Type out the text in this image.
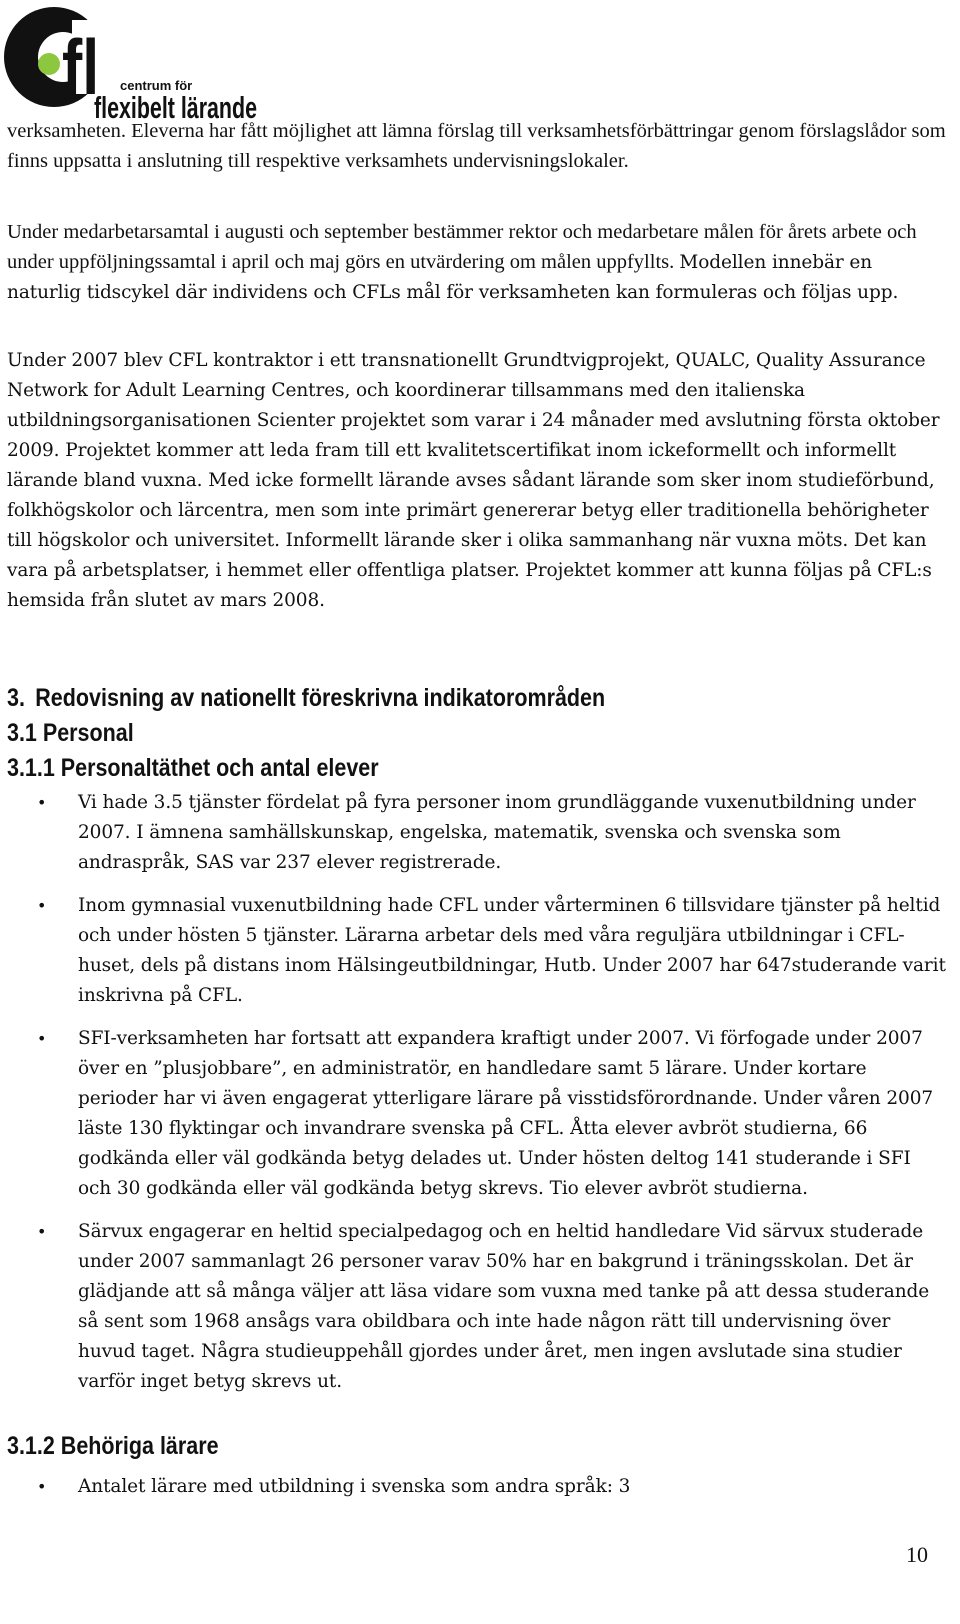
fl centrum för
flexibelt lärande

verksamheten. Eleverna har fått möjlighet att lämna förslag till verksamhetsförbättringar genom förslagslådor som finns uppsatta i anslutning till respektive verksamhets undervisningslokaler.

Under medarbetarsamtal i augusti och september bestämmer rektor och medarbetare målen för årets arbete och under uppföljningssamtal i april och maj görs en utvärdering om målen uppfyllts. Modellen innebär en naturlig tidscykel där individens och CFLs mål för verksamheten kan formuleras och följas upp.

Under 2007 blev CFL kontraktor i ett transnationellt Grundtvigprojekt, QUALC, Quality Assurance Network for Adult Learning Centres, och koordinerar tillsammans med den italienska utbildningsorganisationen Scienter projektet som varar i 24 månader med avslutning första oktober 2009. Projektet kommer att leda fram till ett kvalitetscertifikat inom ickeformellt och informellt lärande bland vuxna. Med icke formellt lärande avses sådant lärande som sker inom studieförbund, folkhögskolor och lärcentra, men som inte primärt genererar betyg eller traditionella behörigheter till högskolor och universitet. Informellt lärande sker i olika sammanhang när vuxna möts. Det kan vara på arbetsplatser, i hemmet eller offentliga platser. Projektet kommer att kunna följas på CFL:s hemsida från slutet av mars 2008.

3. Redovisning av nationellt föreskrivna indikatorområden
3.1 Personal
3.1.1 Personaltäthet och antal elever
• Vi hade 3.5 tjänster fördelat på fyra personer inom grundläggande vuxenutbildning under 2007. I ämnena samhällskunskap, engelska, matematik, svenska och svenska som andraspråk, SAS var 237 elever registrerade.
• Inom gymnasial vuxenutbildning hade CFL under vårterminen 6 tillsvidare tjänster på heltid och under hösten 5 tjänster. Lärarna arbetar dels med våra reguljära utbildningar i CFL-huset, dels på distans inom Hälsingeutbildningar, Hutb. Under 2007 har 647studerande varit inskrivna på CFL.
• SFI-verksamheten har fortsatt att expandera kraftigt under 2007. Vi förfogade under 2007 över en ”plusjobbare”, en administratör, en handledare samt 5 lärare. Under kortare perioder har vi även engagerat ytterligare lärare på visstidsförordnande. Under våren 2007 läste 130 flyktingar och invandrare svenska på CFL. Åtta elever avbröt studierna, 66 godkända eller väl godkända betyg delades ut. Under hösten deltog 141 studerande i SFI och 30 godkända eller väl godkända betyg skrevs. Tio elever avbröt studierna.
• Särvux engagerar en heltid specialpedagog och en heltid handledare Vid särvux studerade under 2007 sammanlagt 26 personer varav 50% har en bakgrund i träningsskolan. Det är glädjande att så många väljer att läsa vidare som vuxna med tanke på att dessa studerande så sent som 1968 ansågs vara obildbara och inte hade någon rätt till undervisning över huvud taget. Några studieuppehåll gjordes under året, men ingen avslutade sina studier varför inget betyg skrevs ut.
3.1.2 Behöriga lärare
• Antalet lärare med utbildning i svenska som andra språk: 3
10
